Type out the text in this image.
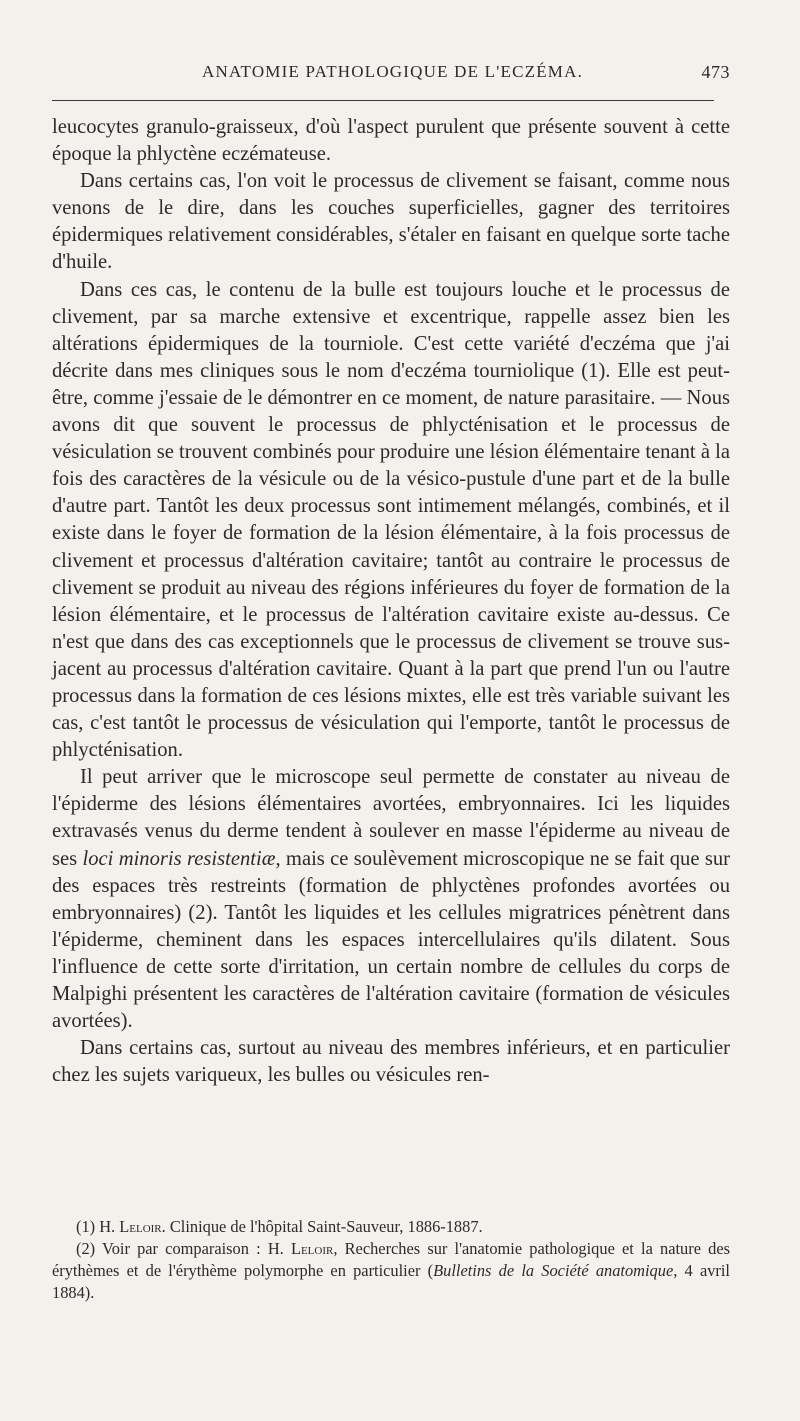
ANATOMIE PATHOLOGIQUE DE L'ECZÉMA.	473

leucocytes granulo-graisseux, d'où l'aspect purulent que présente souvent à cette époque la phlyctène eczémateuse.

Dans certains cas, l'on voit le processus de clivement se faisant, comme nous venons de le dire, dans les couches superficielles, gagner des territoires épidermiques relativement considérables, s'étaler en faisant en quelque sorte tache d'huile.

Dans ces cas, le contenu de la bulle est toujours louche et le processus de clivement, par sa marche extensive et excentrique, rappelle assez bien les altérations épidermiques de la tourniole. C'est cette variété d'eczéma que j'ai décrite dans mes cliniques sous le nom d'eczéma tourniolique (1). Elle est peut-être, comme j'essaie de le démontrer en ce moment, de nature parasitaire. — Nous avons dit que souvent le processus de phlycténisation et le processus de vésiculation se trouvent combinés pour produire une lésion élémentaire tenant à la fois des caractères de la vésicule ou de la vésico-pustule d'une part et de la bulle d'autre part. Tantôt les deux processus sont intimement mélangés, combinés, et il existe dans le foyer de formation de la lésion élémentaire, à la fois processus de clivement et processus d'altération cavitaire; tantôt au contraire le processus de clivement se produit au niveau des régions inférieures du foyer de formation de la lésion élémentaire, et le processus de l'altération cavitaire existe au-dessus. Ce n'est que dans des cas exceptionnels que le processus de clivement se trouve sus-jacent au processus d'altération cavitaire. Quant à la part que prend l'un ou l'autre processus dans la formation de ces lésions mixtes, elle est très variable suivant les cas, c'est tantôt le processus de vésiculation qui l'emporte, tantôt le processus de phlycténisation.

Il peut arriver que le microscope seul permette de constater au niveau de l'épiderme des lésions élémentaires avortées, embryonnaires. Ici les liquides extravasés venus du derme tendent à soulever en masse l'épiderme au niveau de ses loci minoris resistentiæ, mais ce soulèvement microscopique ne se fait que sur des espaces très restreints (formation de phlyctènes profondes avortées ou embryonnaires) (2). Tantôt les liquides et les cellules migratrices pénètrent dans l'épiderme, cheminent dans les espaces intercellulaires qu'ils dilatent. Sous l'influence de cette sorte d'irritation, un certain nombre de cellules du corps de Malpighi présentent les caractères de l'altération cavitaire (formation de vésicules avortées).

Dans certains cas, surtout au niveau des membres inférieurs, et en particulier chez les sujets variqueux, les bulles ou vésicules ren-

(1) H. Leloir. Clinique de l'hôpital Saint-Sauveur, 1886-1887.

(2) Voir par comparaison : H. Leloir, Recherches sur l'anatomie pathologique et la nature des érythèmes et de l'érythème polymorphe en particulier (Bulletins de la Société anatomique, 4 avril 1884).
